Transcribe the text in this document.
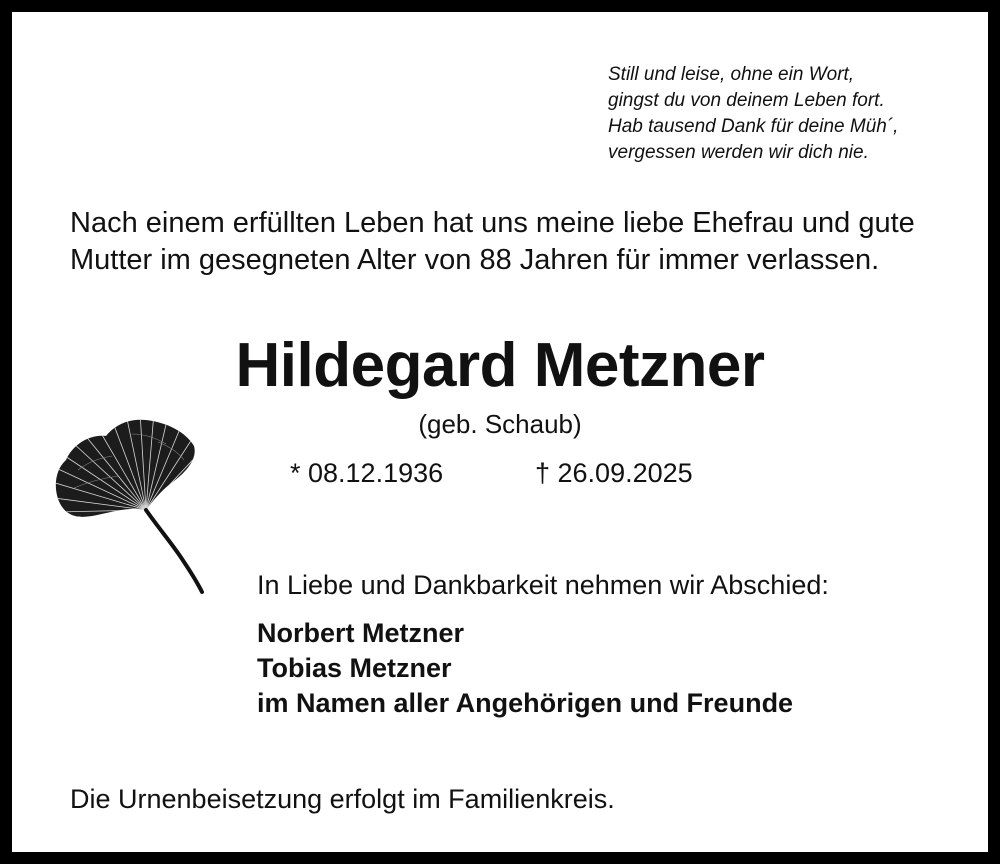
Still und leise, ohne ein Wort,
gingst du von deinem Leben fort.
Hab tausend Dank für deine Müh´,
vergessen werden wir dich nie.
Nach einem erfüllten Leben hat uns meine liebe Ehefrau und gute
Mutter im gesegneten Alter von 88 Jahren für immer verlassen.
Hildegard Metzner
(geb. Schaub)
* 08.12.1936	† 26.09.2025
In Liebe und Dankbarkeit nehmen wir Abschied:
Norbert Metzner
Tobias Metzner
im Namen aller Angehörigen und Freunde
Die Urnenbeisetzung erfolgt im Familienkreis.
